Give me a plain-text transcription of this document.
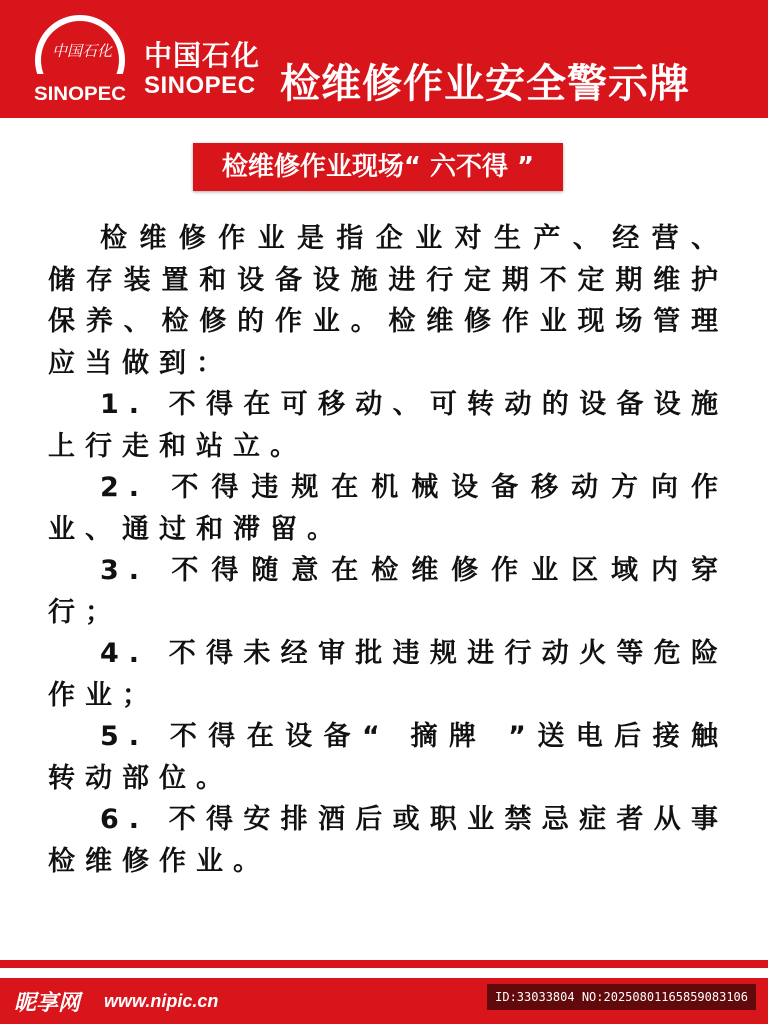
中国石化
SINOPEC
中国石化
SINOPEC 检维修作业安全警示牌
检维修作业现场“ 六不得 ”

检维修作业是指企业对生产、经营、储存装置和设备设施进行定期不定期维护保养、检修的作业。检维修作业现场管理应当做到：

1. 不得在可移动、可转动的设备设施上行走和站立。

2. 不得违规在机械设备移动方向作业、通过和滞留。

3. 不得随意在检维修作业区域内穿行；

4. 不得未经审批违规进行动火等危险作业；

5. 不得在设备“ 摘牌 ”送电后接触转动部位。

6. 不得安排酒后或职业禁忌症者从事检维修作业。

昵享网 www.nipic.cn	ID:33033804 NO:20250801165859083106
